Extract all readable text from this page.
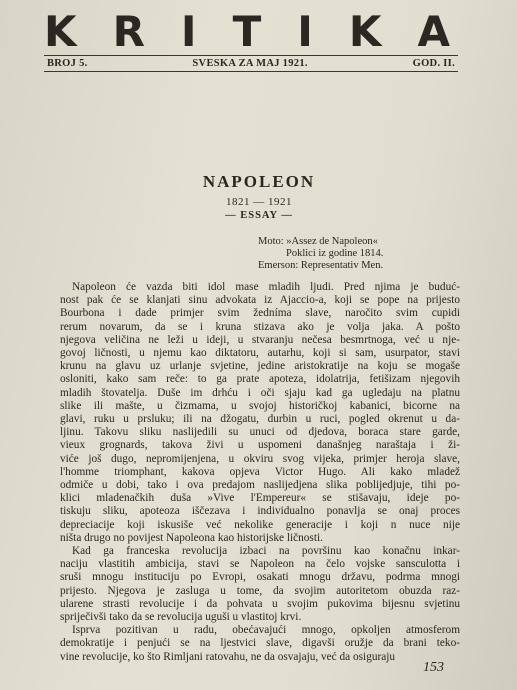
K R I T I K A
BROJ 5.	SVESKA ZA MAJ 1921.	GOD. II.
NAPOLEON
1821 — 1921
— ESSAY —
Moto: »Assez de Napoleon«
Poklici iz godine 1814.
Emerson: Representativ Men.
Napoleon će vazda biti idol mase mladih ljudi. Pred njima je buduć-
nost pak će se klanjati sinu advokata iz Ajaccio-a, koji se pope na prijesto
Bourbona i dade primjer svim žedníma slave, naročito svim cupidi
rerum novarum, da se i kruna stizava ako je volja jaka. A pošto
njegova veličina ne leži u ideji, u stvaranju nečesa besmrtnoga, već u nje-
govoj ličnosti, u njemu kao diktatoru, autarhu, koji si sam, usurpator, stavi
krunu na glavu uz urlanje svjetine, jedine aristokratije na koju se mogaše
osloniti, kako sam reče: to ga prate apoteza, idolatrija, fetišizam njegovih
mladih štovatelja. Duše im drhću i oči sjaju kad ga ugledaju na platnu
slike ili mašte, u čizmama, u svojoj historičkoj kabanici, bicorne na
glavi, ruku u prsluku; ili na džogatu, durbin u ruci, pogled okrenut u da-
ljinu. Takovu sliku naslijedili su unuci od djedova, boraca stare garde,
vieux grognards, takova živi u uspomeni današnjeg naraštaja i ži-
viće još dugo, nepromijenjena, u okviru svog vijeka, primjer heroja slave,
l'homme triomphant, kakova opjeva Victor Hugo. Ali kako mladež
odmiče u dobi, tako i ova predajom naslijedjena slika poblijedjuje, tihi po-
klici mladenačkih duša »Vive l'Empereur« se stišavaju, ideje po-
tiskuju sliku, apoteoza iščezava i individualno ponavlja se onaj proces
depreciacije koji iskusiše već nekolike generacije i koji n nuce nije
ništa drugo no povijest Napoleona kao historijske ličnosti.
Kad ga franceska revolucija izbaci na površinu kao konačnu inkar-
naciju vlastitih ambicija, stavi se Napoleon na čelo vojske sansculotta i
sruši mnogu instituciju po Evropi, osakati mnogu državu, podrma mnogi
prijesto. Njegova je zasluga u tome, da svojim autoritetom obuzda raz-
ularene strasti revolucije i da pohvata u svojim pukovima bijesnu svjetinu
spriječivši tako da se revolucija uguši u vlastitoj krvi.
Isprva pozitivan u radu, obećavajući mnogo, opkoljen atmosferom
demokratije i penjući se na ljestvici slave, digavši oružje da brani teko-
vine revolucije, ko što Rimljani ratovahu, ne da osvajaju, već da osiguraju
153
